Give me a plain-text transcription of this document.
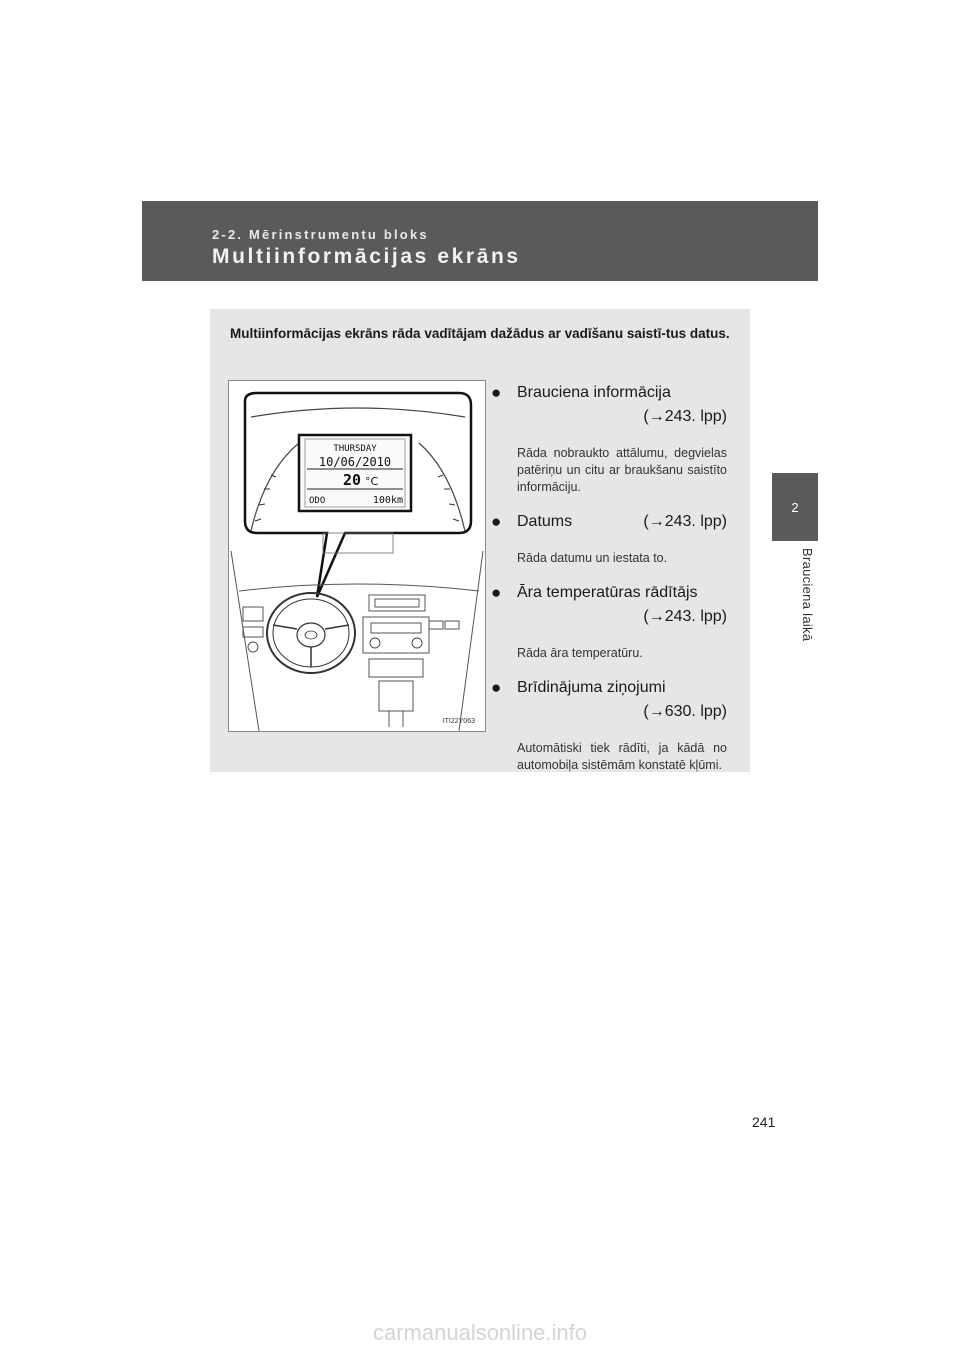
2-2. Mērinstrumentu bloks
Multiinformācijas ekrāns
2
Brauciena laikā
Multiinformācijas ekrāns rāda vadītājam dažādus ar vadīšanu saistī-tus datus.
THURSDAY
10/06/2010
20 °C
ODO	100km
ITI22Y063
● Brauciena informācija
(→243. lpp)
Rāda nobraukto attālumu, degvielas patēriņu un citu ar braukšanu saistīto informāciju.
● Datums	(→243. lpp)
Rāda datumu un iestata to.
● Āra temperatūras rādītājs
(→243. lpp)
Rāda āra temperatūru.
● Brīdinājuma ziņojumi
(→630. lpp)
Automātiski tiek rādīti, ja kādā no automobiļa sistēmām konstatē kļūmi.
241
carmanualsonline.info
